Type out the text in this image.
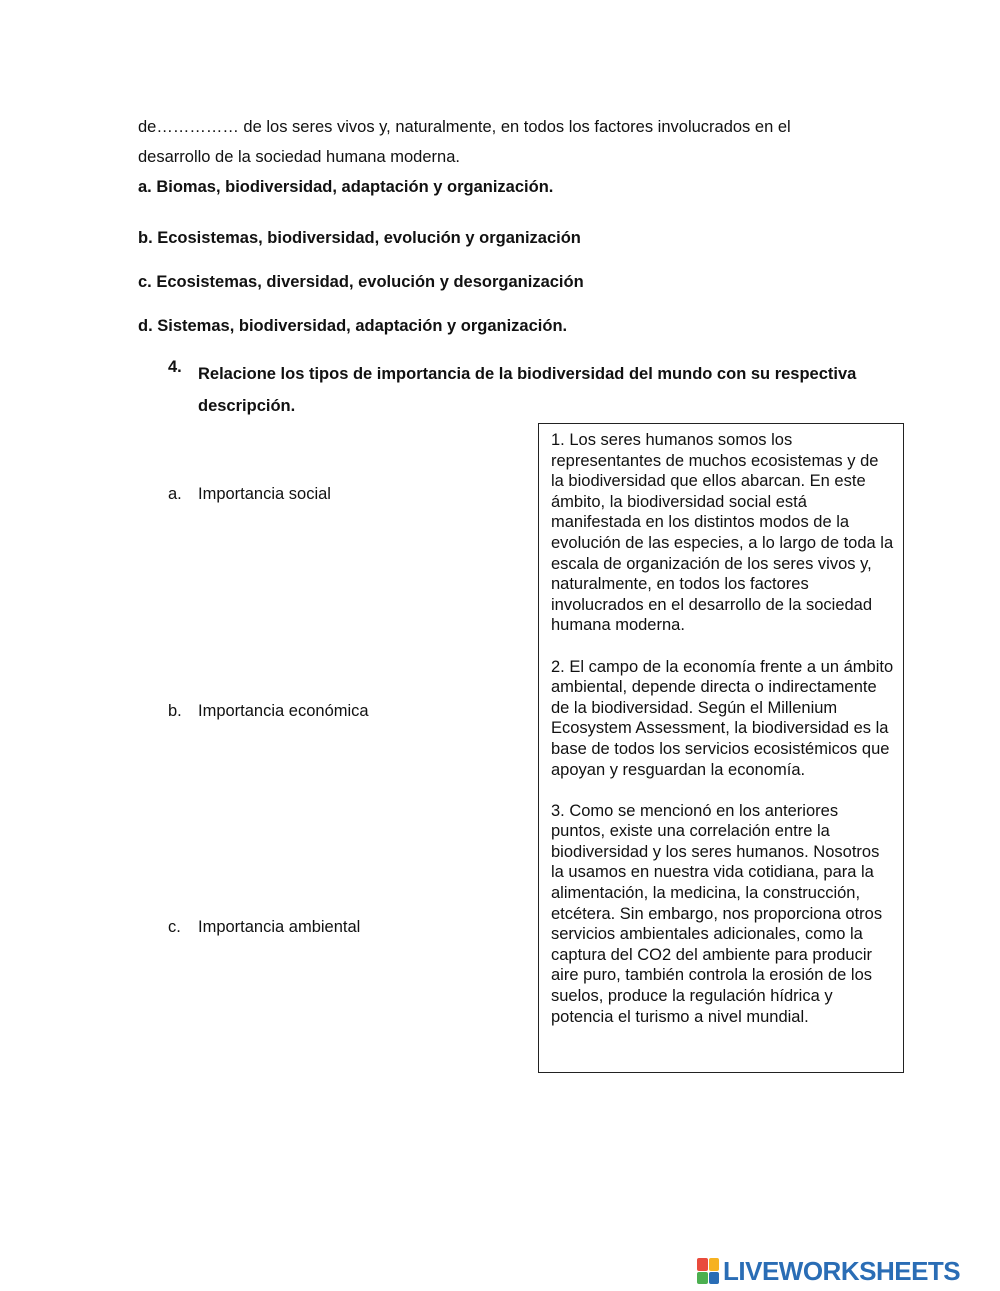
de…………… de los seres vivos y, naturalmente, en todos los factores involucrados en el
desarrollo de la sociedad humana moderna.
a. Biomas, biodiversidad, adaptación y organización.
b. Ecosistemas, biodiversidad, evolución y organización
c. Ecosistemas, diversidad, evolución y desorganización
d. Sistemas, biodiversidad, adaptación y organización.
4. Relacione los tipos de importancia de la biodiversidad del mundo con su respectiva descripción.
a. Importancia social
b. Importancia económica
c. Importancia ambiental

1. Los seres humanos somos los representantes de muchos ecosistemas y de la biodiversidad que ellos abarcan. En este ámbito, la biodiversidad social está manifestada en los distintos modos de la evolución de las especies, a lo largo de toda la escala de organización de los seres vivos y, naturalmente, en todos los factores involucrados en el desarrollo de la sociedad humana moderna.

2. El campo de la economía frente a un ámbito ambiental, depende directa o indirectamente de la biodiversidad. Según el Millenium Ecosystem Assessment, la biodiversidad es la base de todos los servicios ecosistémicos que apoyan y resguardan la economía.

3. Como se mencionó en los anteriores puntos, existe una correlación entre la biodiversidad y los seres humanos. Nosotros la usamos en nuestra vida cotidiana, para la alimentación, la medicina, la construcción, etcétera. Sin embargo, nos proporciona otros servicios ambientales adicionales, como la captura del CO2 del ambiente para producir aire puro, también controla la erosión de los suelos, produce la regulación hídrica y potencia el turismo a nivel mundial.

LIVEWORKSHEETS
